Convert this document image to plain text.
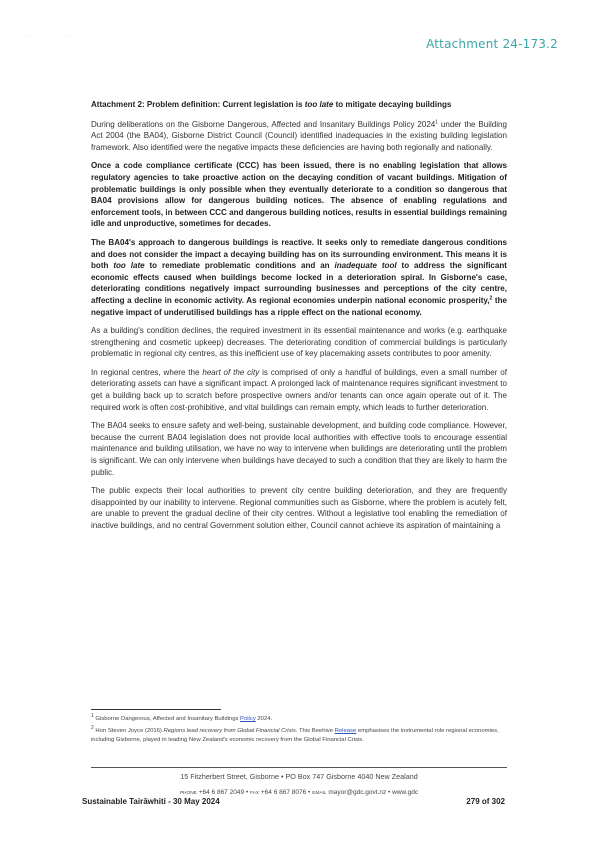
· ·	Attachment 24-173.2

Attachment 2: Problem definition: Current legislation is too late to mitigate decaying buildings

During deliberations on the Gisborne Dangerous, Affected and Insanitary Buildings Policy 2024$^1$ under the Building Act 2004 (the BA04), Gisborne District Council (Council) identified inadequacies in the existing building legislation framework. Also identified were the negative impacts these deficiencies are having both regionally and nationally.

Once a code compliance certificate (CCC) has been issued, there is no enabling legislation that allows regulatory agencies to take proactive action on the decaying condition of vacant buildings. Mitigation of problematic buildings is only possible when they eventually deteriorate to a condition so dangerous that BA04 provisions allow for dangerous building notices. The absence of enabling regulations and enforcement tools, in between CCC and dangerous building notices, results in essential buildings remaining idle and unproductive, sometimes for decades.

The BA04's approach to dangerous buildings is reactive. It seeks only to remediate dangerous conditions and does not consider the impact a decaying building has on its surrounding environment. This means it is both too late to remediate problematic conditions and an inadequate tool to address the significant economic effects caused when buildings become locked in a deterioration spiral. In Gisborne's case, deteriorating conditions negatively impact surrounding businesses and perceptions of the city centre, affecting a decline in economic activity. As regional economies underpin national economic prosperity,$^2$ the negative impact of underutilised buildings has a ripple effect on the national economy.

As a building's condition declines, the required investment in its essential maintenance and works (e.g. earthquake strengthening and cosmetic upkeep) decreases. The deteriorating condition of commercial buildings is particularly problematic in regional city centres, as this inefficient use of key placemaking assets contributes to poor amenity.

In regional centres, where the heart of the city is comprised of only a handful of buildings, even a small number of deteriorating assets can have a significant impact. A prolonged lack of maintenance requires significant investment to get a building back up to scratch before prospective owners and/or tenants can once again operate out of it. The required work is often cost-prohibitive, and vital buildings can remain empty, which leads to further deterioration.

The BA04 seeks to ensure safety and well-being, sustainable development, and building code compliance. However, because the current BA04 legislation does not provide local authorities with effective tools to encourage essential maintenance and building utilisation, we have no way to intervene when buildings are deteriorating until the problem is significant. We can only intervene when buildings have decayed to such a condition that they are likely to harm the public.

The public expects their local authorities to prevent city centre building deterioration, and they are frequently disappointed by our inability to intervene. Regional communities such as Gisborne, where the problem is acutely felt, are unable to prevent the gradual decline of their city centres. Without a legislative tool enabling the remediation of inactive buildings, and no central Government solution either, Council cannot achieve its aspiration of maintaining a

$^1$ Gisborne Dangerous, Affected and Insanitary Buildings Policy 2024.

$^2$ Hon Steven Joyce (2016) Regions lead recovery from Global Financial Crisis. This Beehive Release emphasises the instrumental role regional economies, including Gisborne, played in leading New Zealand's economic recovery from the Global Financial Crisis.

15 Fitzherbert Street, Gisborne • PO Box 747 Gisborne 4040 New Zealand
PHONE +64 6 867 2049 • FAX +64 6 867 8076 • EMAIL mayor@gdc.govt.nz • www.gdc
Sustainable Tairāwhiti - 30 May 2024	279 of 302
